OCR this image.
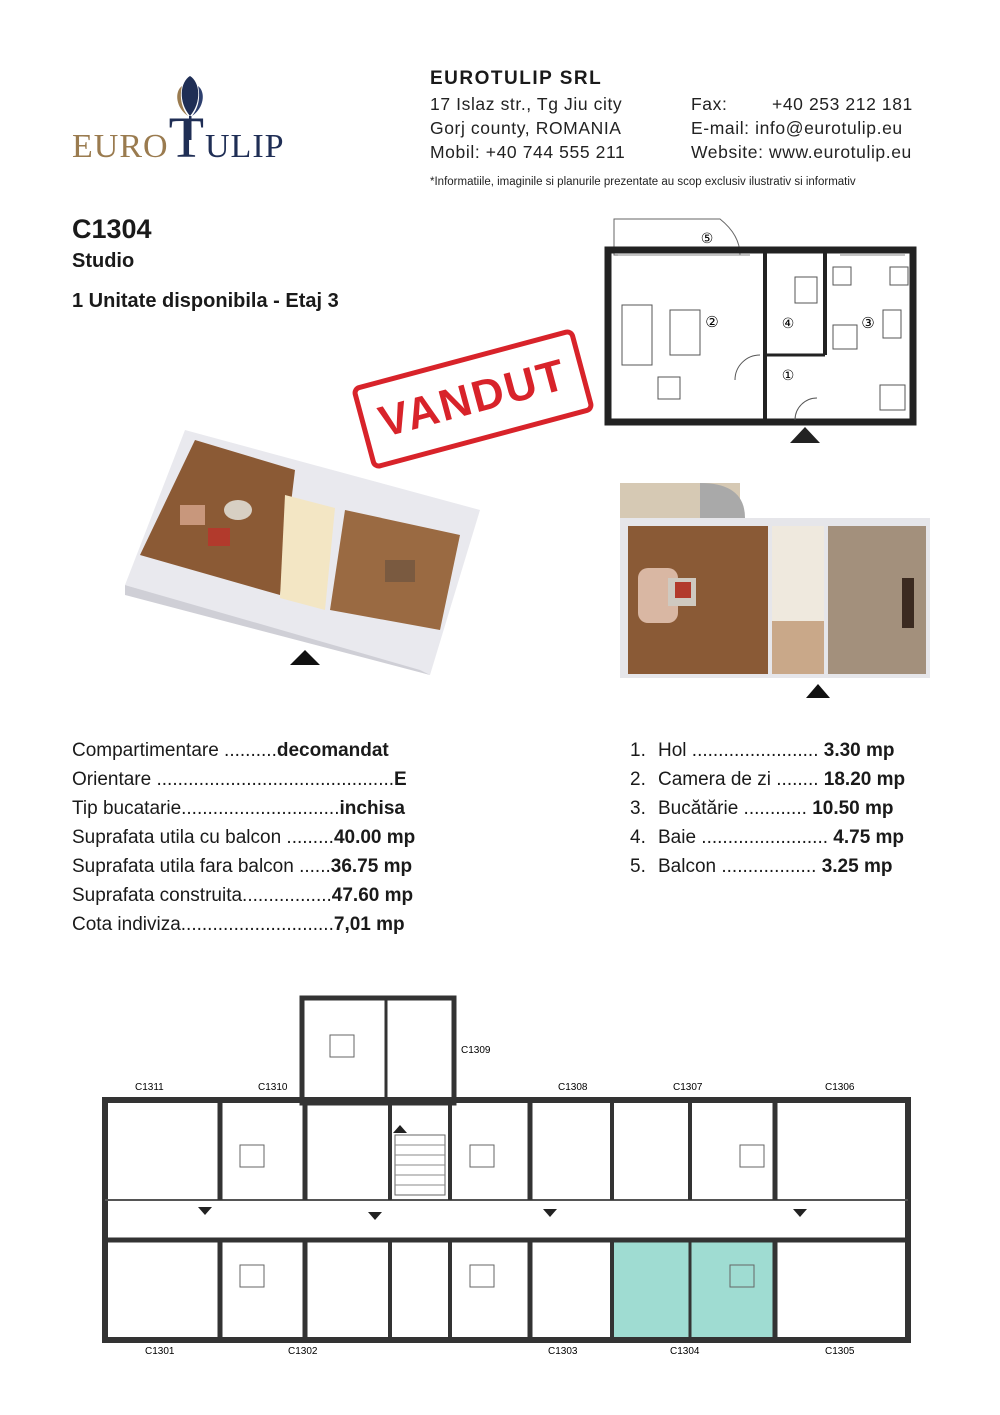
EUROTULIP
EUROTULIP SRL
17 Islaz str., Tg Jiu city
Gorj county, ROMANIA
Mobil: +40 744 555 211
Fax:	+40 253 212 181
E-mail: info@eurotulip.eu
Website: www.eurotulip.eu
*Informatiile, imaginile si planurile prezentate au scop exclusiv ilustrativ si informativ
C1304
Studio
1 Unitate disponibila - Etaj 3
⑤
②	④	③
①
VANDUT
Compartimentare ..........decomandat
Orientare .............................................E
Tip bucatarie..............................inchisa
Suprafata utila cu balcon .........40.00 mp
Suprafata utila fara balcon ......36.75 mp
Suprafata construita.................47.60 mp
Cota indiviza.............................7,01 mp
1. Hol ........................ 3.30 mp
2. Camera de zi ........ 18.20 mp
3. Bucătărie ............ 10.50 mp
4. Baie ........................ 4.75 mp
5. Balcon .................. 3.25 mp
C1309
C1311	C1310	C1308	C1307	C1306
C1301	C1302	C1303	C1304	C1305
